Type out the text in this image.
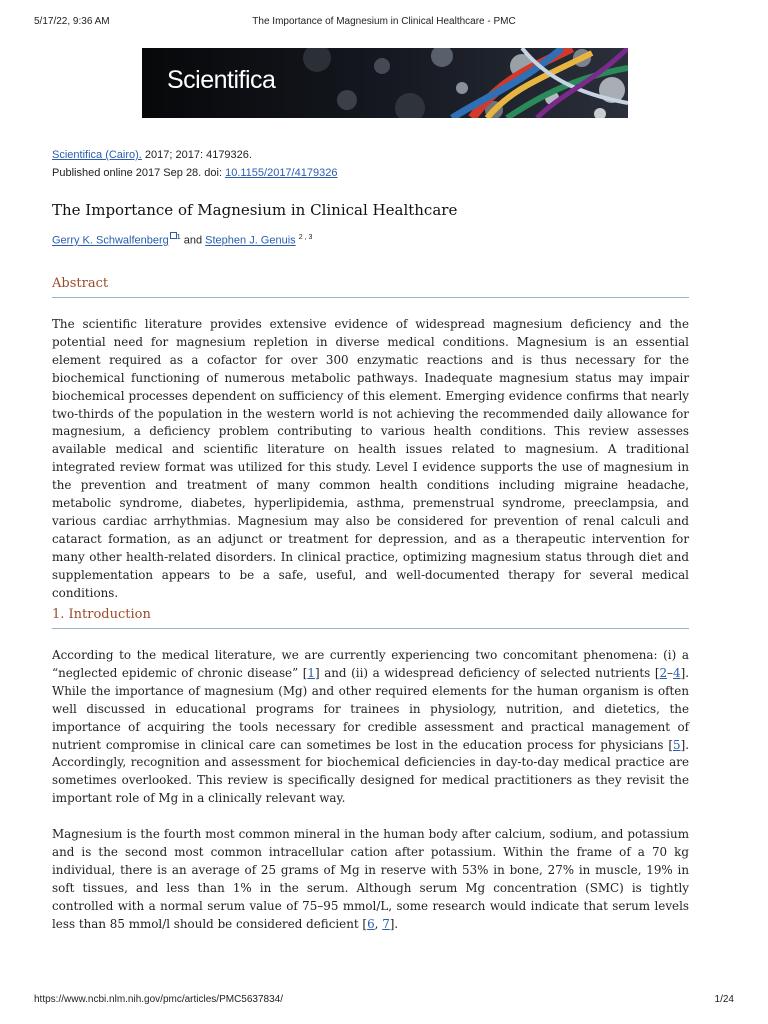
5/17/22, 9:36 AM	The Importance of Magnesium in Clinical Healthcare - PMC
Scientifica
Scientifica (Cairo). 2017; 2017: 4179326.
Published online 2017 Sep 28. doi: 10.1155/2017/4179326
The Importance of Magnesium in Clinical Healthcare
Gerry K. Schwalfenberg $^1$ and Stephen J. Genuis $^{2 , 3}$
Abstract

The scientific literature provides extensive evidence of widespread magnesium deficiency and the potential need for magnesium repletion in diverse medical conditions. Magnesium is an essential element required as a cofactor for over 300 enzymatic reactions and is thus necessary for the biochemical functioning of numerous metabolic pathways. Inadequate magnesium status may impair biochemical processes dependent on sufficiency of this element. Emerging evidence confirms that nearly two-thirds of the population in the western world is not achieving the recommended daily allowance for magnesium, a deficiency problem contributing to various health conditions. This review assesses available medical and scientific literature on health issues related to magnesium. A traditional integrated review format was utilized for this study. Level I evidence supports the use of magnesium in the prevention and treatment of many common health conditions including migraine headache, metabolic syndrome, diabetes, hyperlipidemia, asthma, premenstrual syndrome, preeclampsia, and various cardiac arrhythmias. Magnesium may also be considered for prevention of renal calculi and cataract formation, as an adjunct or treatment for depression, and as a therapeutic intervention for many other health-related disorders. In clinical practice, optimizing magnesium status through diet and supplementation appears to be a safe, useful, and well-documented therapy for several medical conditions.

1. Introduction

According to the medical literature, we are currently experiencing two concomitant phenomena: (i) a “neglected epidemic of chronic disease” [1] and (ii) a widespread deficiency of selected nutrients [2–4]. While the importance of magnesium (Mg) and other required elements for the human organism is often well discussed in educational programs for trainees in physiology, nutrition, and dietetics, the importance of acquiring the tools necessary for credible assessment and practical management of nutrient compromise in clinical care can sometimes be lost in the education process for physicians [5]. Accordingly, recognition and assessment for biochemical deficiencies in day-to-day medical practice are sometimes overlooked. This review is specifically designed for medical practitioners as they revisit the important role of Mg in a clinically relevant way.

Magnesium is the fourth most common mineral in the human body after calcium, sodium, and potassium and is the second most common intracellular cation after potassium. Within the frame of a 70 kg individual, there is an average of 25 grams of Mg in reserve with 53% in bone, 27% in muscle, 19% in soft tissues, and less than 1% in the serum. Although serum Mg concentration (SMC) is tightly controlled with a normal serum value of 75–95 mmol/L, some research would indicate that serum levels less than 85 mmol/l should be considered deficient [6, 7].

https://www.ncbi.nlm.nih.gov/pmc/articles/PMC5637834/	1/24
